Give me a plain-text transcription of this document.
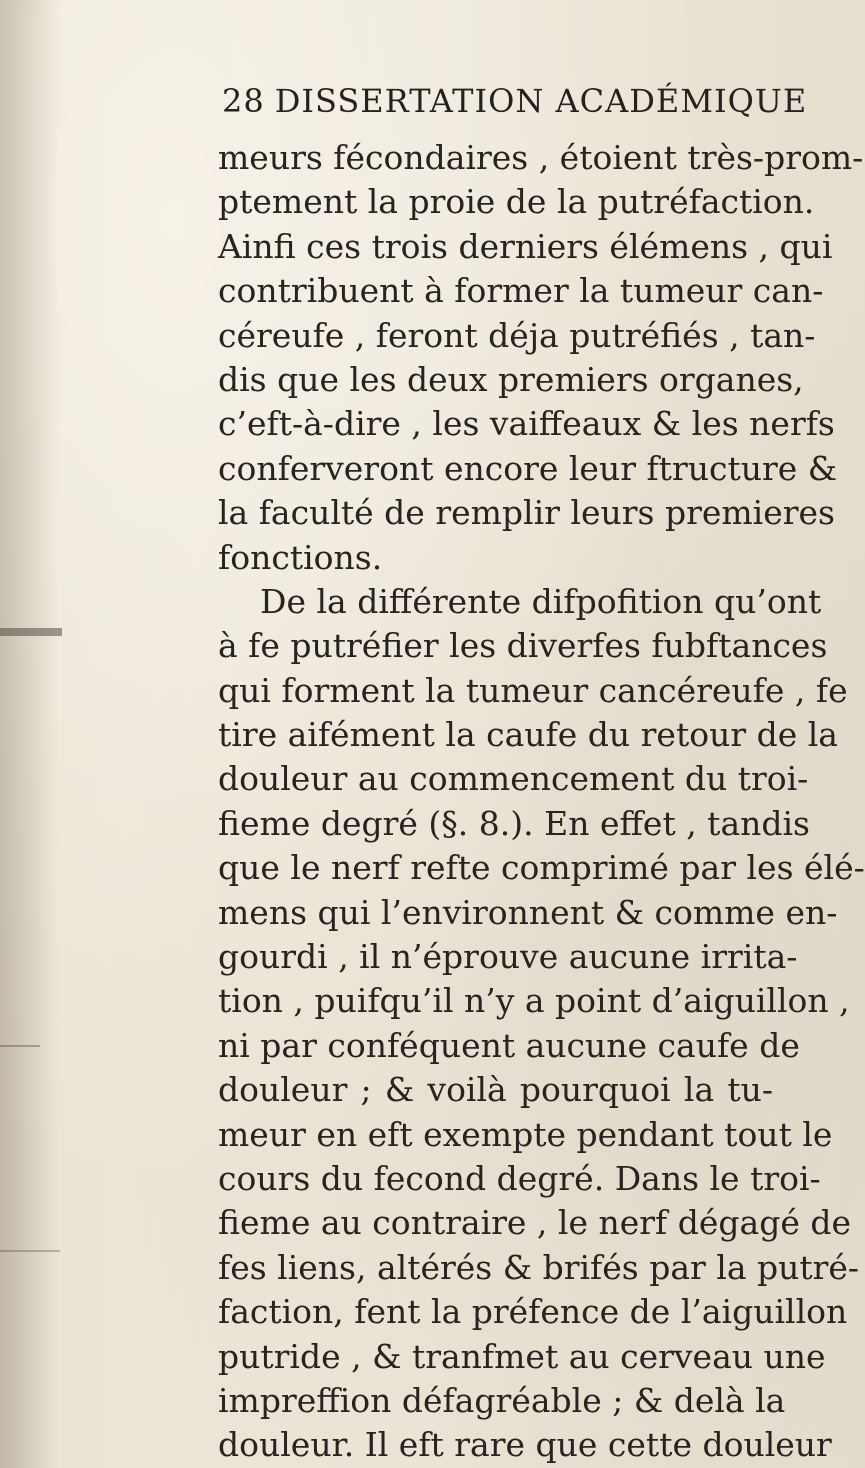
28 DISSERTATION ACADÉMIQUE
meurs fécondaires , étoient très-prom-
ptement la proie de la putréfaction.
Ainfi ces trois derniers élémens , qui
contribuent à former la tumeur can-
céreufe , feront déja putréfiés , tan-
dis que les deux premiers organes,
c’eft-à-dire , les vaiffeaux & les nerfs
conferveront encore leur ftructure &
la faculté de remplir leurs premieres
fonctions.
De la différente difpofition qu’ont
à fe putréfier les diverfes fubftances
qui forment la tumeur cancéreufe , fe
tire aifément la caufe du retour de la
douleur au commencement du troi-
fieme degré (§. 8.). En effet , tandis
que le nerf refte comprimé par les élé-
mens qui l’environnent & comme en-
gourdi , il n’éprouve aucune irrita-
tion , puifqu’il n’y a point d’aiguillon ,
ni par conféquent aucune caufe de
douleur ; & voilà pourquoi la tu-
meur en eft exempte pendant tout le
cours du fecond degré. Dans le troi-
fieme au contraire , le nerf dégagé de
fes liens, altérés & brifés par la putré-
faction, fent la préfence de l’aiguillon
putride , & tranfmet au cerveau une
impreffion défagréable ; & delà la
douleur. Il eft rare que cette douleur
